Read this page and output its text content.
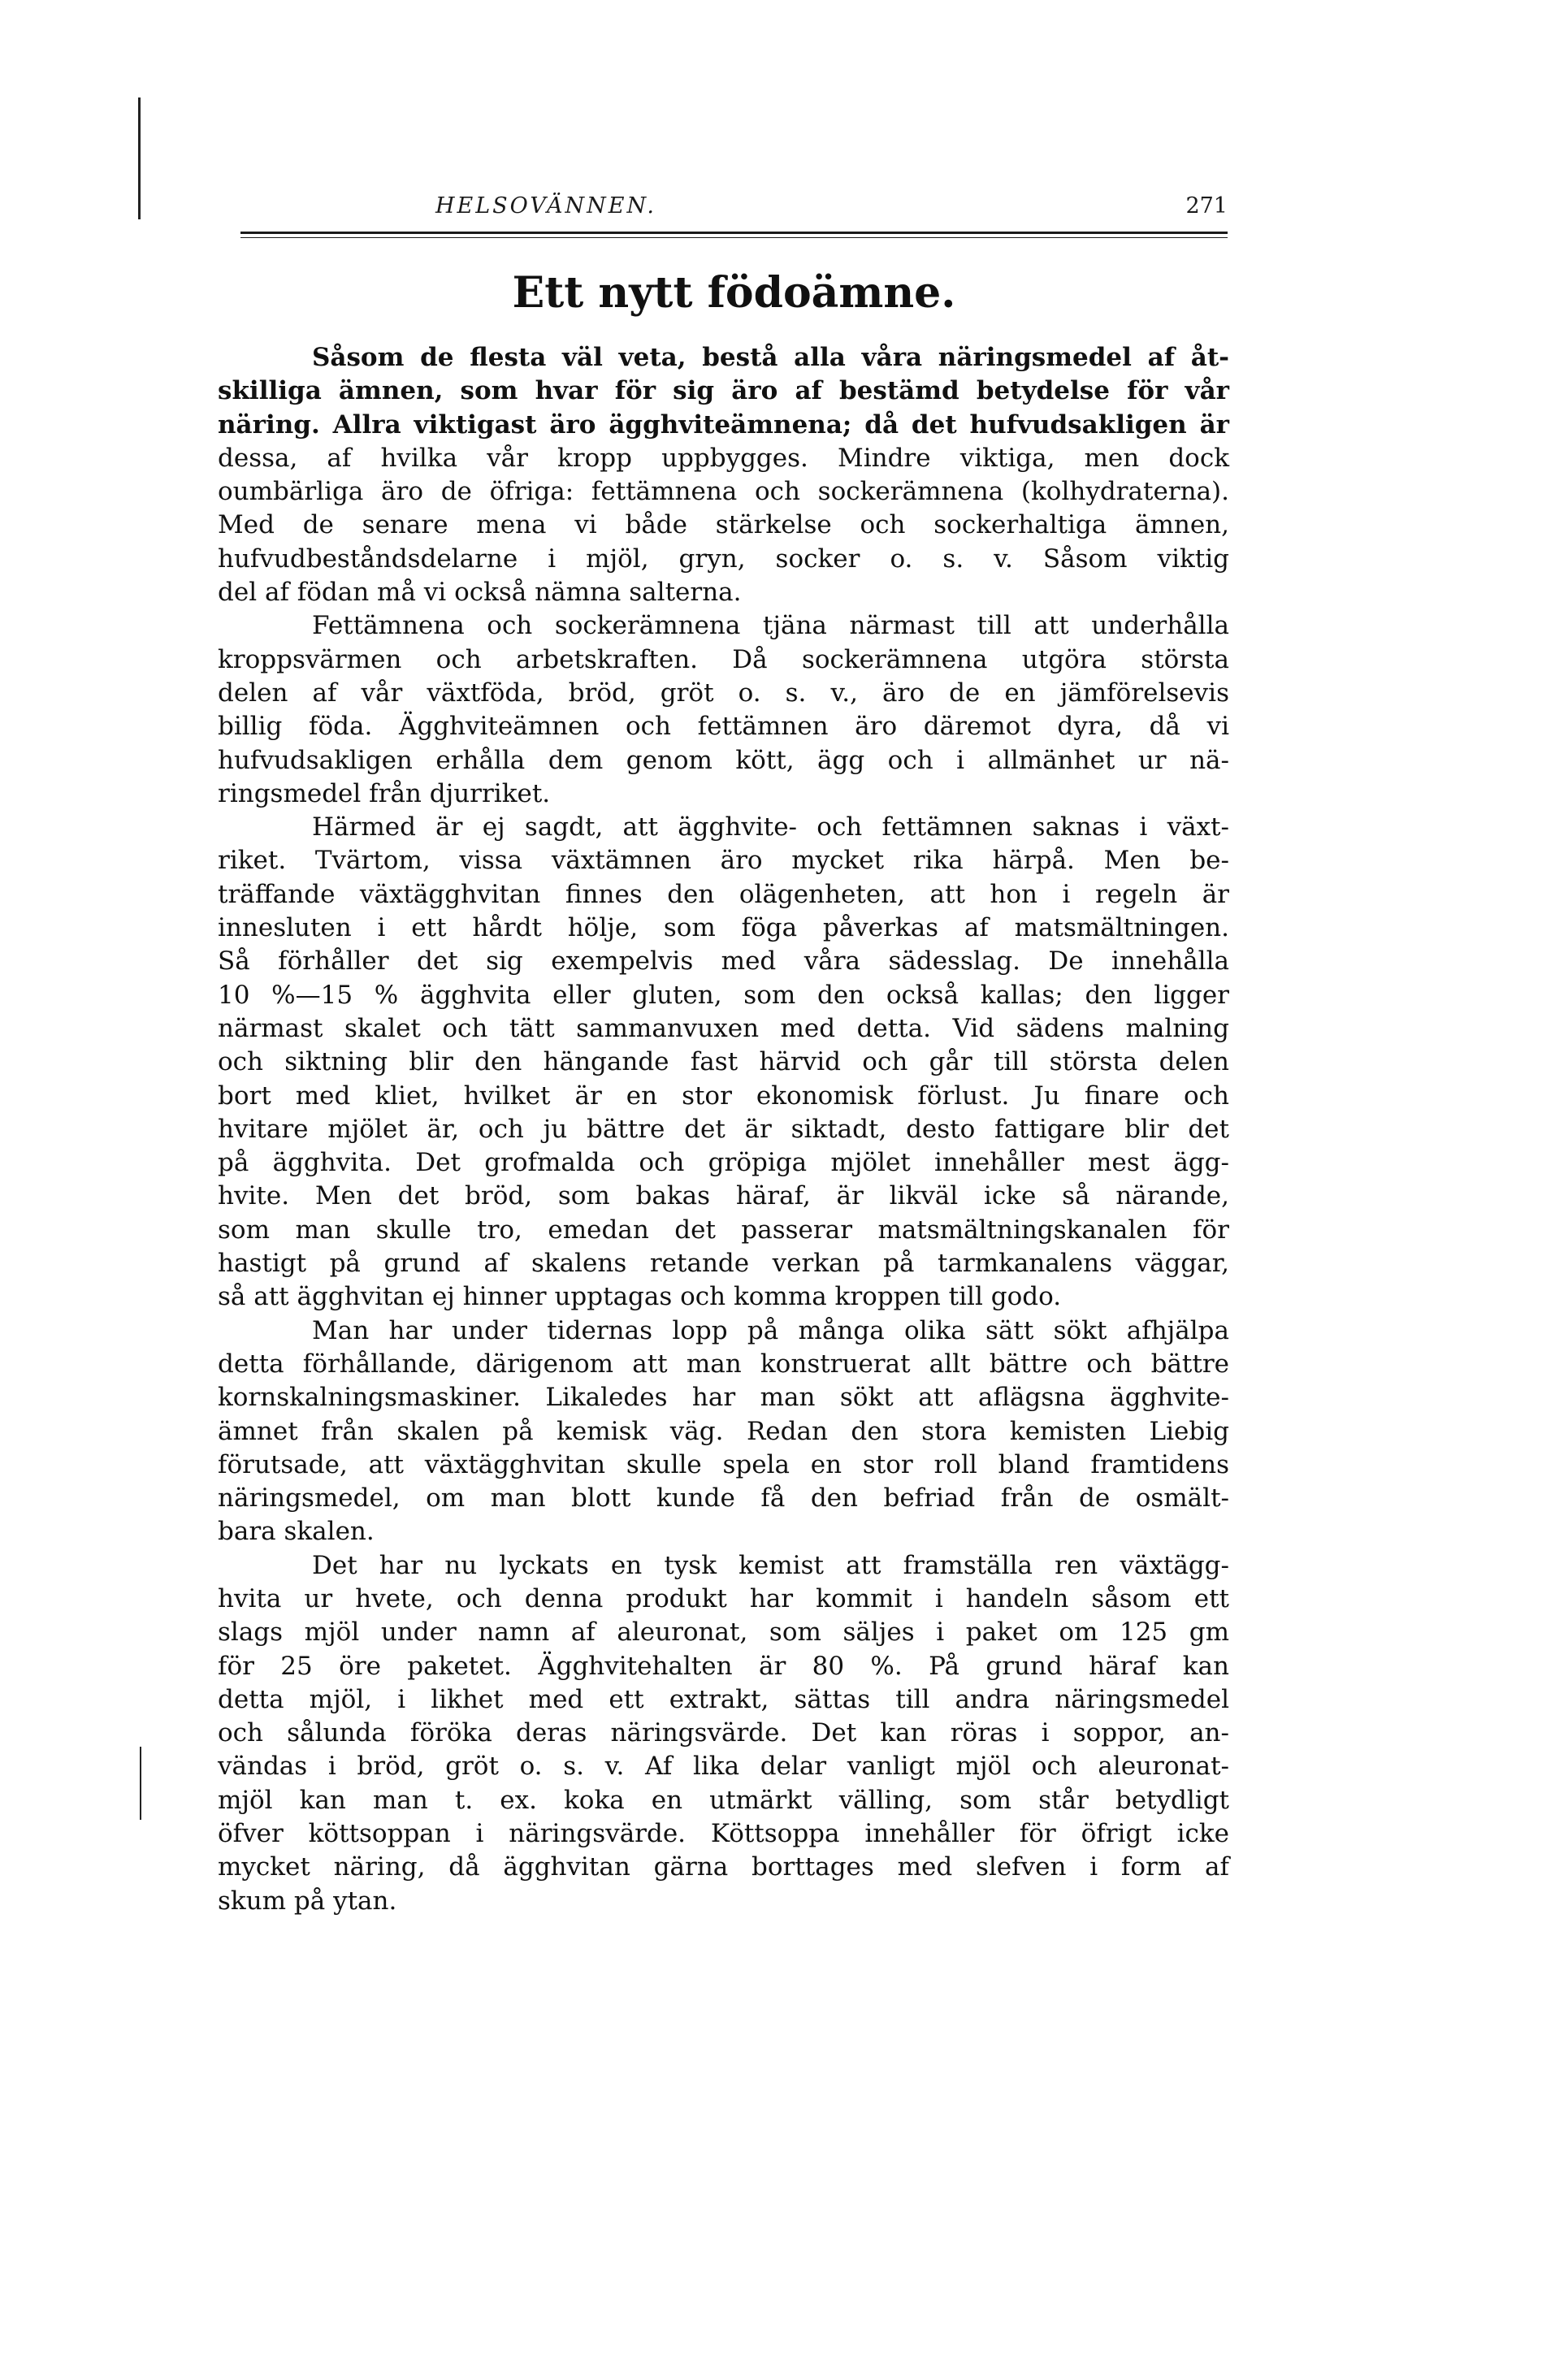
HELSOVÄNNEN.	271
Ett nytt födoämne.
Såsom de flesta väl veta, bestå alla våra näringsmedel af åt-
skilliga ämnen, som hvar för sig äro af bestämd betydelse för vår
näring. Allra viktigast äro ägghviteämnena; då det hufvudsakligen är
dessa, af hvilka vår kropp uppbygges. Mindre viktiga, men dock
oumbärliga äro de öfriga: fettämnena och sockerämnena (kolhydraterna).
Med de senare mena vi både stärkelse och sockerhaltiga ämnen,
hufvudbeståndsdelarne i mjöl, gryn, socker o. s. v. Såsom viktig
del af födan må vi också nämna salterna.
Fettämnena och sockerämnena tjäna närmast till att underhålla
kroppsvärmen och arbetskraften. Då sockerämnena utgöra största
delen af vår växtföda, bröd, gröt o. s. v., äro de en jämförelsevis
billig föda. Ägghviteämnen och fettämnen äro däremot dyra, då vi
hufvudsakligen erhålla dem genom kött, ägg och i allmänhet ur nä-
ringsmedel från djurriket.
Härmed är ej sagdt, att ägghvite- och fettämnen saknas i växt-
riket. Tvärtom, vissa växtämnen äro mycket rika härpå. Men be-
träffande växtägghvitan finnes den olägenheten, att hon i regeln är
innesluten i ett hårdt hölje, som föga påverkas af matsmältningen.
Så förhåller det sig exempelvis med våra sädesslag. De innehålla
10 %—15 % ägghvita eller gluten, som den också kallas; den ligger
närmast skalet och tätt sammanvuxen med detta. Vid sädens malning
och siktning blir den hängande fast härvid och går till största delen
bort med kliet, hvilket är en stor ekonomisk förlust. Ju finare och
hvitare mjölet är, och ju bättre det är siktadt, desto fattigare blir det
på ägghvita. Det grofmalda och gröpiga mjölet innehåller mest ägg-
hvite. Men det bröd, som bakas häraf, är likväl icke så närande,
som man skulle tro, emedan det passerar matsmältningskanalen för
hastigt på grund af skalens retande verkan på tarmkanalens väggar,
så att ägghvitan ej hinner upptagas och komma kroppen till godo.
Man har under tidernas lopp på många olika sätt sökt afhjälpa
detta förhållande, därigenom att man konstruerat allt bättre och bättre
kornskalningsmaskiner. Likaledes har man sökt att aflägsna ägghvite-
ämnet från skalen på kemisk väg. Redan den stora kemisten Liebig
förutsade, att växtägghvitan skulle spela en stor roll bland framtidens
näringsmedel, om man blott kunde få den befriad från de osmält-
bara skalen.
Det har nu lyckats en tysk kemist att framställa ren växtägg-
hvita ur hvete, och denna produkt har kommit i handeln såsom ett
slags mjöl under namn af aleuronat, som säljes i paket om 125 gm
för 25 öre paketet. Ägghvitehalten är 80 %. På grund häraf kan
detta mjöl, i likhet med ett extrakt, sättas till andra näringsmedel
och sålunda föröka deras näringsvärde. Det kan röras i soppor, an-
vändas i bröd, gröt o. s. v. Af lika delar vanligt mjöl och aleuronat-
mjöl kan man t. ex. koka en utmärkt välling, som står betydligt
öfver köttsoppan i näringsvärde. Köttsoppa innehåller för öfrigt icke
mycket näring, då ägghvitan gärna borttages med slefven i form af
skum på ytan.
